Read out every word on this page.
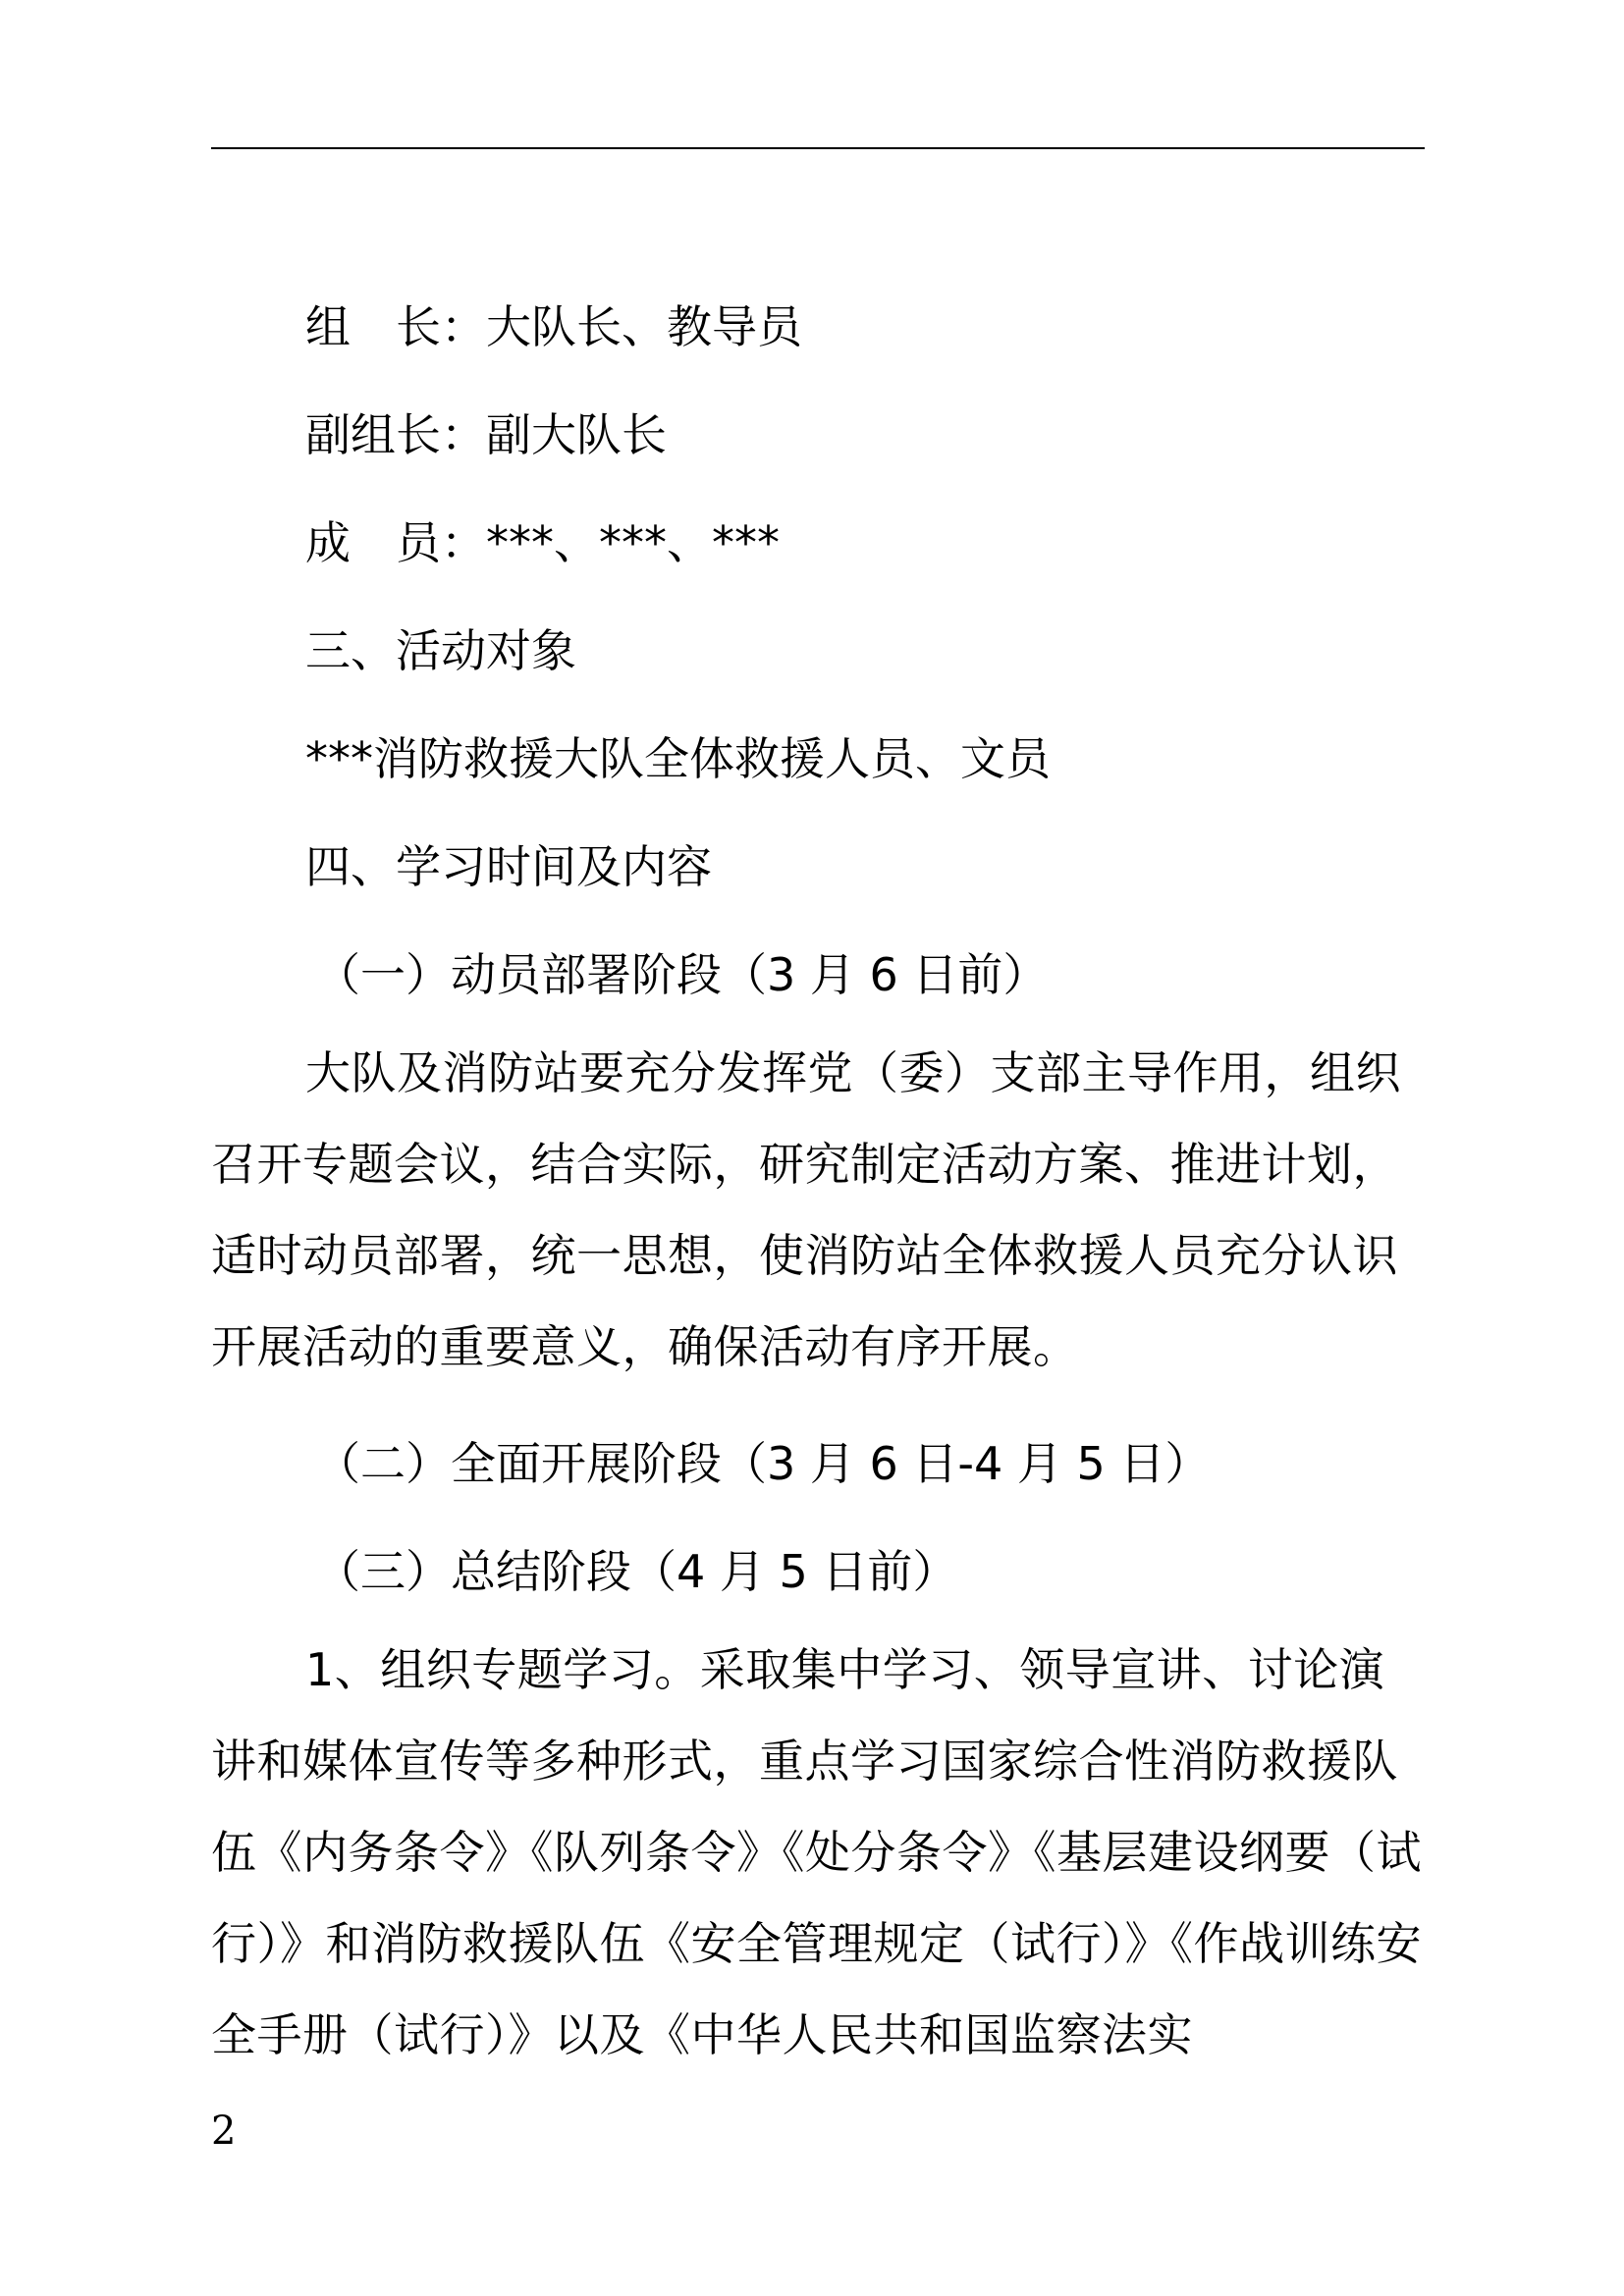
组　长：大队长、教导员

副组长：副大队长

成　员：***、***、***

三、活动对象

***消防救援大队全体救援人员、文员

四、学习时间及内容

（一）动员部署阶段（3 月 6 日前）

大队及消防站要充分发挥党（委）支部主导作用，组织召开专题会议，结合实际，研究制定活动方案、推进计划，适时动员部署，统一思想，使消防站全体救援人员充分认识开展活动的重要意义，确保活动有序开展。

（二）全面开展阶段（3 月 6 日-4 月 5 日）

（三）总结阶段（4 月 5 日前）

1、组织专题学习。采取集中学习、领导宣讲、讨论演讲和媒体宣传等多种形式，重点学习国家综合性消防救援队伍《内务条令》《队列条令》《处分条令》《基层建设纲要（试行）》和消防救援队伍《安全管理规定（试行）》《作战训练安全手册（试行）》以及《中华人民共和国监察法实

2
